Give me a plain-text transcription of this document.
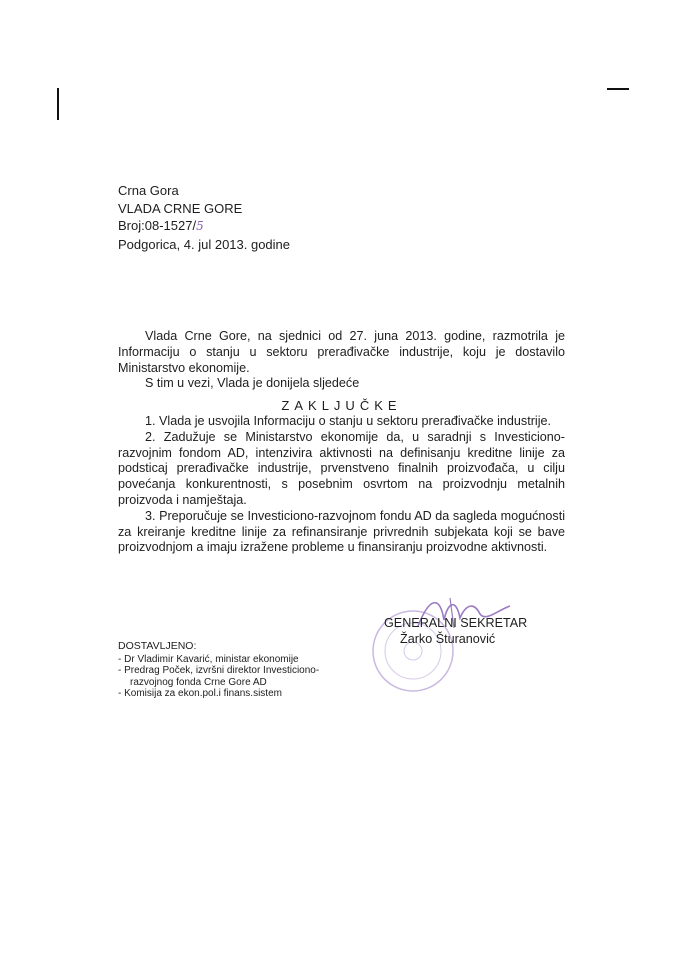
Crna Gora
VLADA CRNE GORE
Broj:08-1527/5
Podgorica, 4. jul 2013. godine

Vlada Crne Gore, na sjednici od 27. juna 2013. godine, razmotrila je Informaciju o stanju u sektoru prerađivačke industrije, koju je dostavilo Ministarstvo ekonomije.

S tim u vezi, Vlada je donijela sljedeće

ZAKLJUČKE

1. Vlada je usvojila Informaciju o stanju u sektoru prerađivačke industrije.

2. Zadužuje se Ministarstvo ekonomije da, u saradnji s Investiciono-razvojnim fondom AD, intenzivira aktivnosti na definisanju kreditne linije za podsticaj prerađivačke industrije, prvenstveno finalnih proizvođača, u cilju povećanja konkurentnosti, s posebnim osvrtom na proizvodnju metalnih proizvoda i namještaja.

3. Preporučuje se Investiciono-razvojnom fondu AD da sagleda mogućnosti za kreiranje kreditne linije za refinansiranje privrednih subjekata koji se bave proizvodnjom a imaju izražene probleme u finansiranju proizvodne aktivnosti.

GENERALNI SEKRETAR
Žarko Šturanović
DOSTAVLJENO:
- Dr Vladimir Kavarić, ministar ekonomije
- Predrag Poček, izvršni direktor Investiciono-
razvojnog fonda Crne Gore AD
- Komisija za ekon.pol.i finans.sistem
